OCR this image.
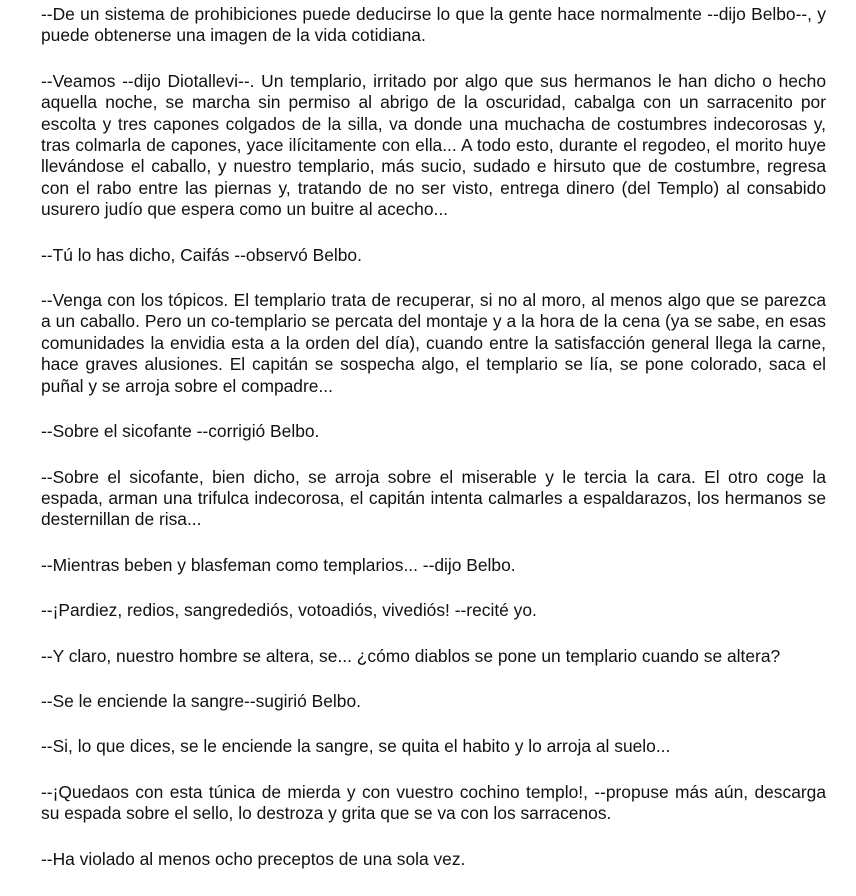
--De un sistema de prohibiciones puede deducirse lo que la gente hace normalmente --dijo Belbo--, y puede obtenerse una imagen de la vida cotidiana.

--Veamos --dijo Diotallevi--. Un templario, irritado por algo que sus hermanos le han dicho o hecho aquella noche, se marcha sin permiso al abrigo de la oscuridad, cabalga con un sarracenito por escolta y tres capones colgados de la silla, va donde una muchacha de costumbres indecorosas y, tras colmarla de capones, yace ilícitamente con ella... A todo esto, durante el regodeo, el morito huye llevándose el caballo, y nuestro templario, más sucio, sudado e hirsuto que de costumbre, regresa con el rabo entre las piernas y, tratando de no ser visto, entrega dinero (del Templo) al consabido usurero judío que espera como un buitre al acecho...

--Tú lo has dicho, Caifás --observó Belbo.

--Venga con los tópicos. El templario trata de recuperar, si no al moro, al menos algo que se parezca a un caballo. Pero un co-templario se percata del montaje y a la hora de la cena (ya se sabe, en esas comunidades la envidia esta a la orden del día), cuando entre la satisfacción general llega la carne, hace graves alusiones. El capitán se sospecha algo, el templario se lía, se pone colorado, saca el puñal y se arroja sobre el compadre...

--Sobre el sicofante --corrigió Belbo.

--Sobre el sicofante, bien dicho, se arroja sobre el miserable y le tercia la cara. El otro coge la espada, arman una trifulca indecorosa, el capitán intenta calmarles a espaldarazos, los hermanos se desternillan de risa...

--Mientras beben y blasfeman como templarios... --dijo Belbo.

--¡Pardiez, redios, sangredediós, votoadiós, vivediós! --recité yo.

--Y claro, nuestro hombre se altera, se... ¿cómo diablos se pone un templario cuando se altera?

--Se le enciende la sangre--sugirió Belbo.

--Si, lo que dices, se le enciende la sangre, se quita el habito y lo arroja al suelo...

--¡Quedaos con esta túnica de mierda y con vuestro cochino templo!, --propuse más aún, descarga su espada sobre el sello, lo destroza y grita que se va con los sarracenos.

--Ha violado al menos ocho preceptos de una sola vez.
